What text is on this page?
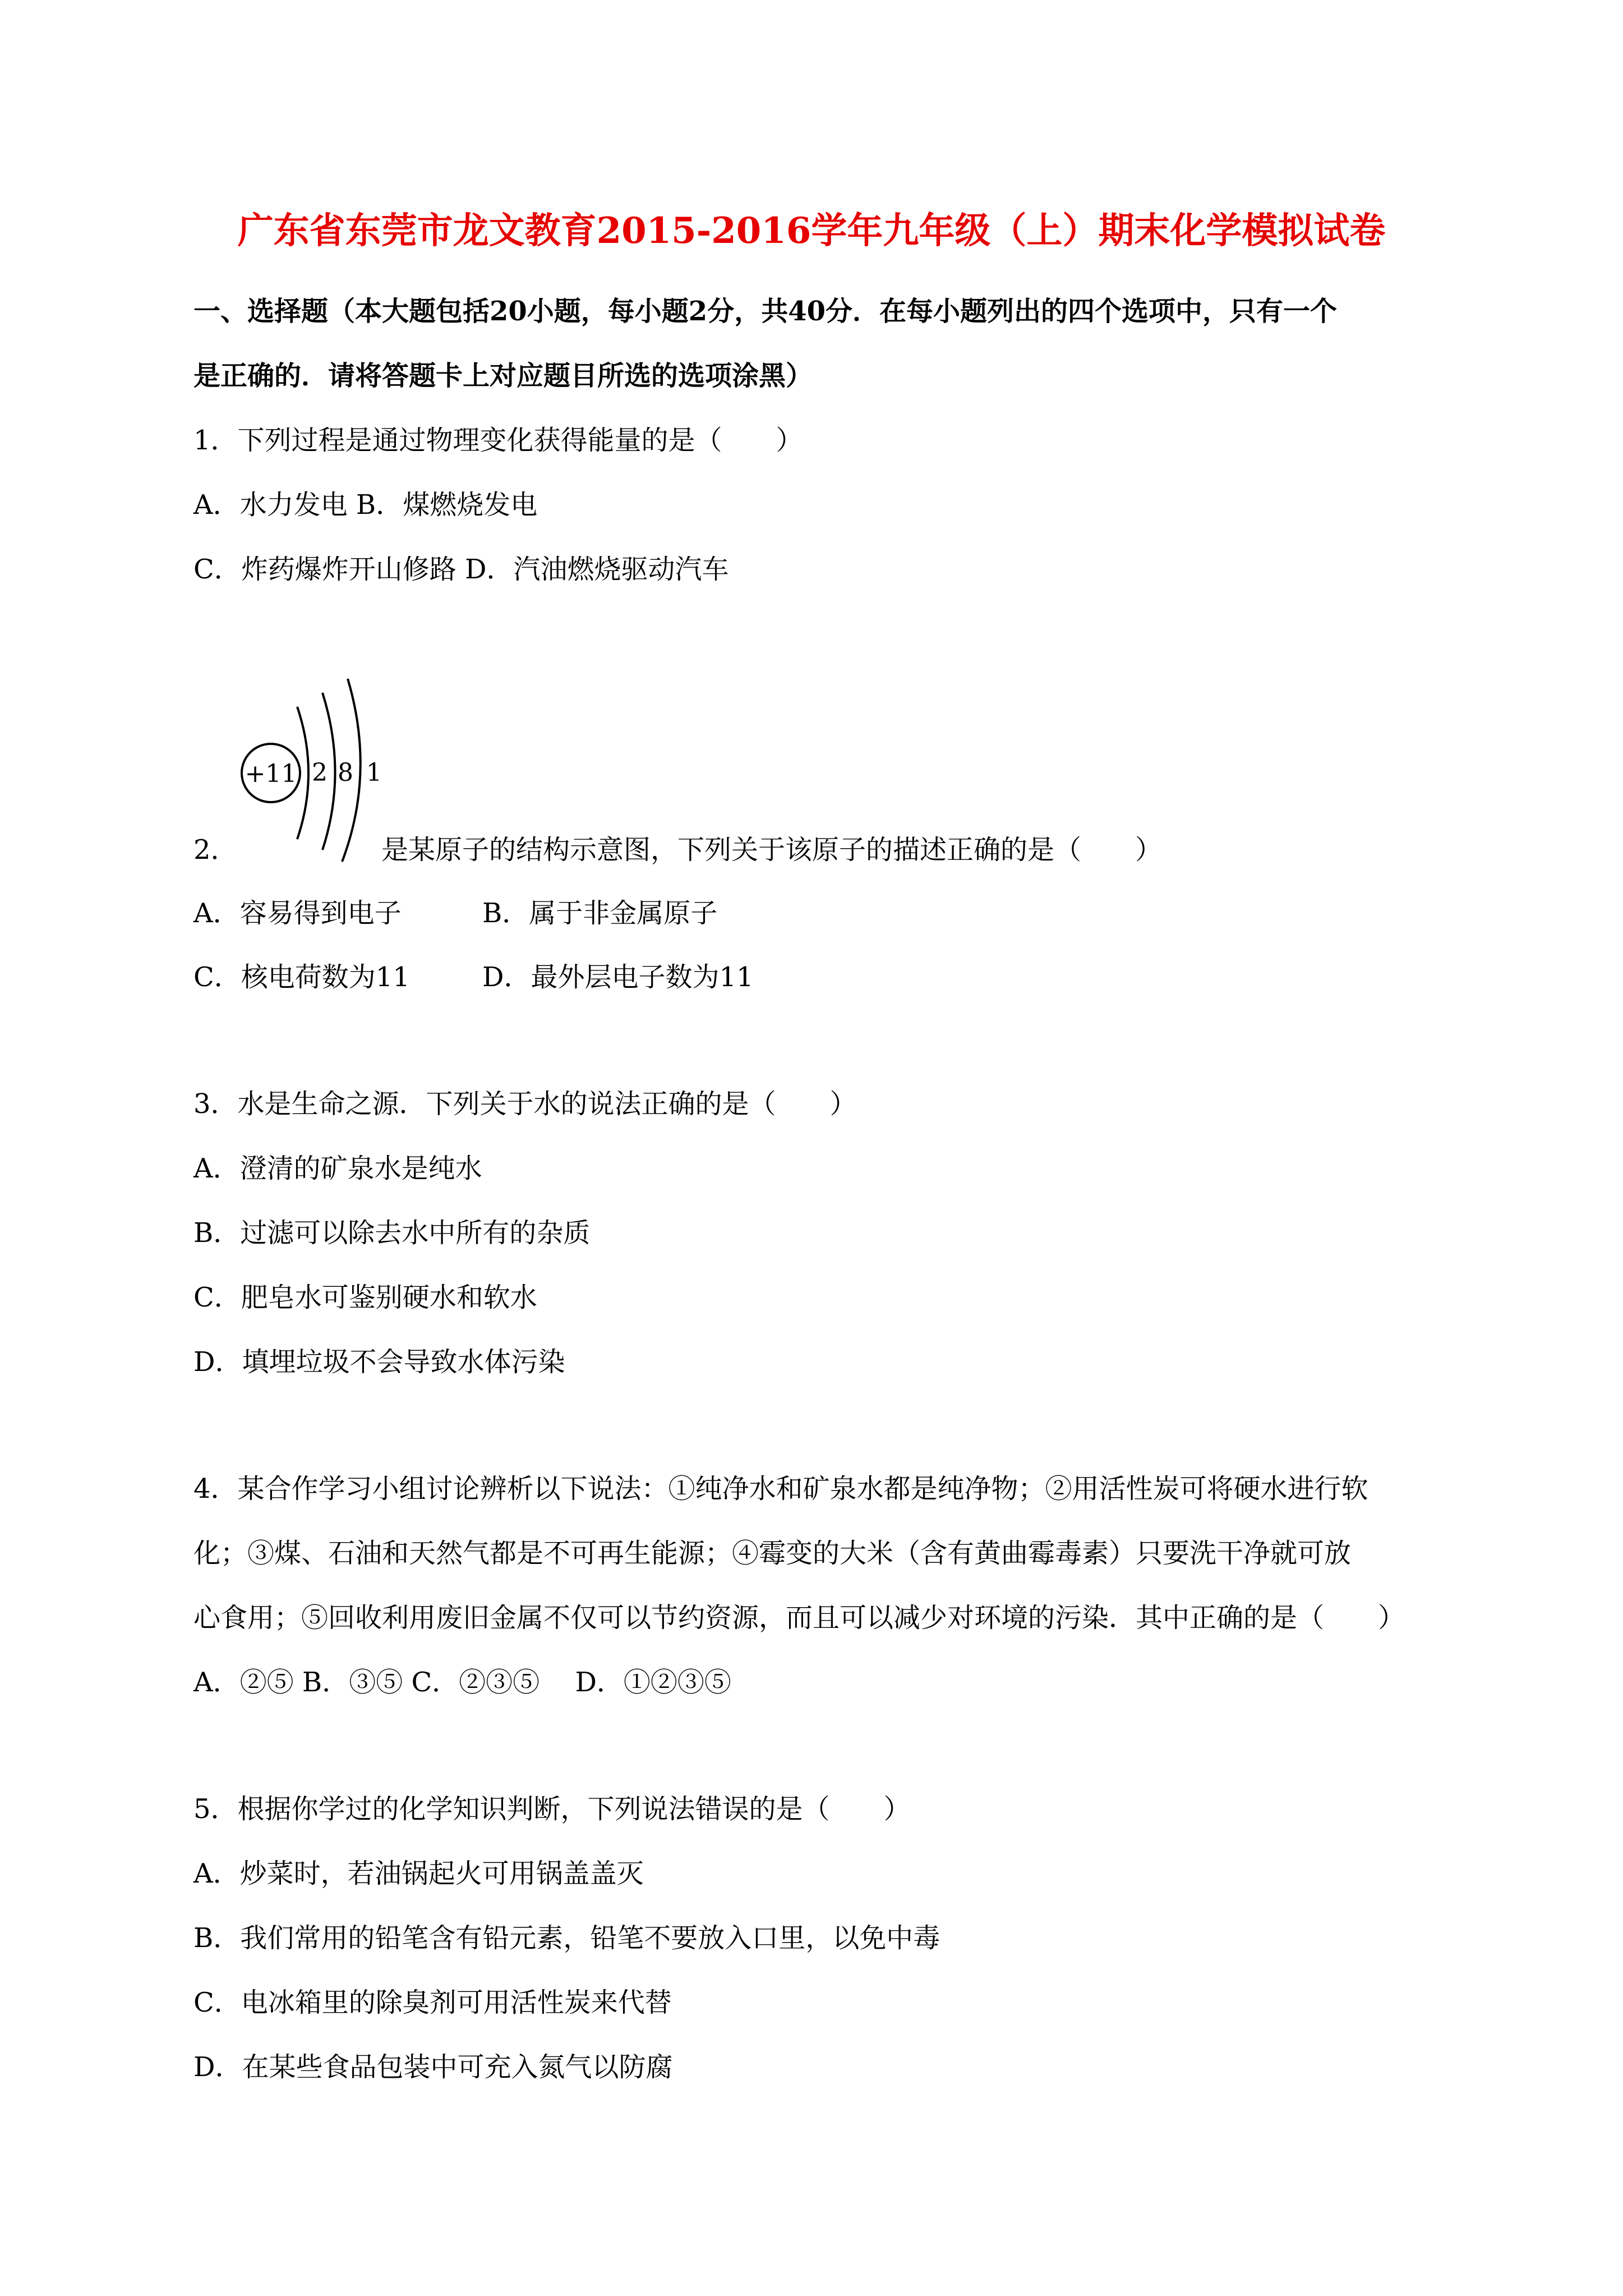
广东省东莞市龙文教育2015-2016学年九年级（上）期末化学模拟试卷
一、选择题（本大题包括20小题，每小题2分，共40分．在每小题列出的四个选项中，只有一个
是正确的．请将答题卡上对应题目所选的选项涂黑）
1．下列过程是通过物理变化获得能量的是（　　）
A．水力发电 B．煤燃烧发电
C．炸药爆炸开山修路 D．汽油燃烧驱动汽车
+11 2 8 1
2．	是某原子的结构示意图，下列关于该原子的描述正确的是（　　）
A．容易得到电子	B．属于非金属原子
C．核电荷数为11	D．最外层电子数为11
3．水是生命之源．下列关于水的说法正确的是（　　）
A．澄清的矿泉水是纯水
B．过滤可以除去水中所有的杂质
C．肥皂水可鉴别硬水和软水
D．填埋垃圾不会导致水体污染
4．某合作学习小组讨论辨析以下说法：①纯净水和矿泉水都是纯净物；②用活性炭可将硬水进行软
化；③煤、石油和天然气都是不可再生能源；④霉变的大米（含有黄曲霉毒素）只要洗干净就可放
心食用；⑤回收利用废旧金属不仅可以节约资源，而且可以减少对环境的污染．其中正确的是（　　）
A．②⑤ B．③⑤ C．②③⑤　 D．①②③⑤
5．根据你学过的化学知识判断，下列说法错误的是（　　）
A．炒菜时，若油锅起火可用锅盖盖灭
B．我们常用的铅笔含有铅元素，铅笔不要放入口里，以免中毒
C．电冰箱里的除臭剂可用活性炭来代替
D．在某些食品包装中可充入氮气以防腐
